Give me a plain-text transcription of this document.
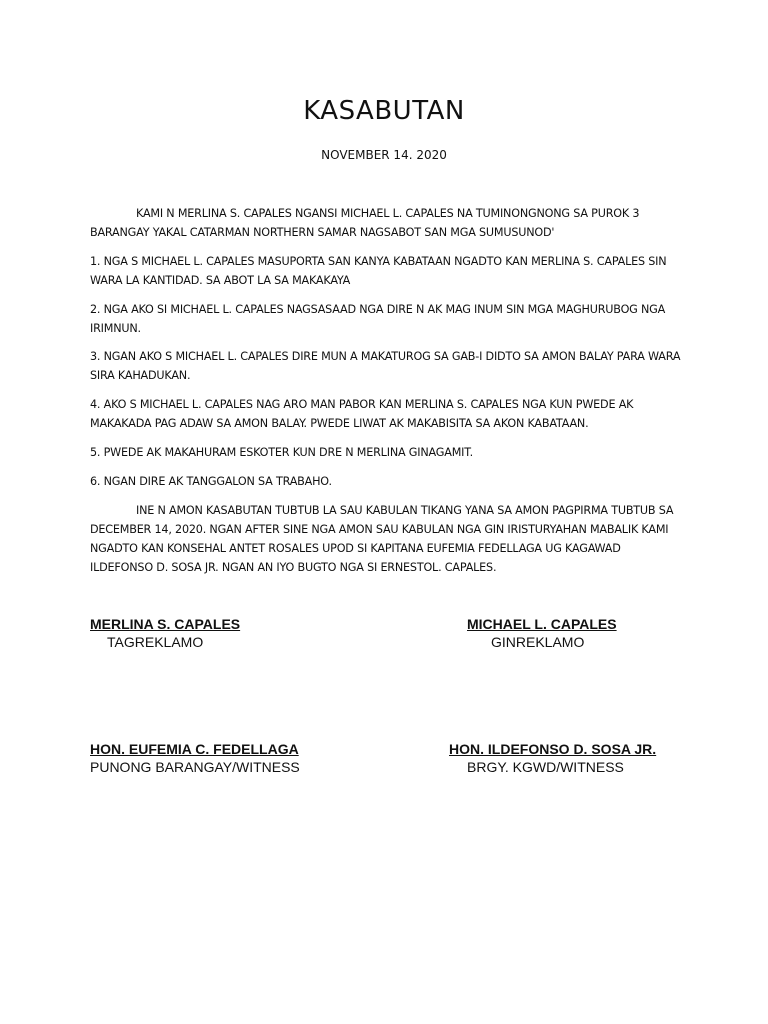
KASABUTAN
NOVEMBER 14. 2020
KAMI N MERLINA S. CAPALES NGANSI MICHAEL L. CAPALES NA TUMINONGNONG SA PUROK 3 BARANGAY YAKAL CATARMAN NORTHERN SAMAR NAGSABOT SAN MGA SUMUSUNOD'
1. NGA S MICHAEL L. CAPALES MASUPORTA SAN KANYA KABATAAN NGADTO KAN MERLINA S. CAPALES SIN WARA LA KANTIDAD. SA ABOT LA SA MAKAKAYA
2. NGA AKO SI MICHAEL L. CAPALES NAGSASAAD NGA DIRE N AK MAG INUM SIN MGA MAGHURUBOG NGA IRIMNUN.
3. NGAN AKO S MICHAEL L. CAPALES DIRE MUN A MAKATUROG SA GAB-I DIDTO SA AMON BALAY PARA WARA SIRA KAHADUKAN.
4. AKO S MICHAEL L. CAPALES NAG ARO MAN PABOR KAN MERLINA S. CAPALES NGA KUN PWEDE AK MAKAKADA PAG ADAW SA AMON BALAY. PWEDE LIWAT AK MAKABISITA SA AKON KABATAAN.
5. PWEDE AK MAKAHURAM ESKOTER KUN DRE N MERLINA GINAGAMIT.
6. NGAN DIRE AK TANGGALON SA TRABAHO.
INE N AMON KASABUTAN TUBTUB LA SAU KABULAN TIKANG YANA SA AMON PAGPIRMA TUBTUB SA DECEMBER 14, 2020. NGAN AFTER SINE NGA AMON SAU KABULAN NGA GIN IRISTURYAHAN MABALIK KAMI NGADTO KAN KONSEHAL ANTET ROSALES UPOD SI KAPITANA EUFEMIA FEDELLAGA UG KAGAWAD ILDEFONSO D. SOSA JR. NGAN AN IYO BUGTO NGA SI ERNESTOL. CAPALES.
MERLINA S. CAPALES
TAGREKLAMO
MICHAEL L. CAPALES
GINREKLAMO
HON. EUFEMIA C. FEDELLAGA
PUNONG BARANGAY/WITNESS
HON. ILDEFONSO D. SOSA JR.
BRGY. KGWD/WITNESS
